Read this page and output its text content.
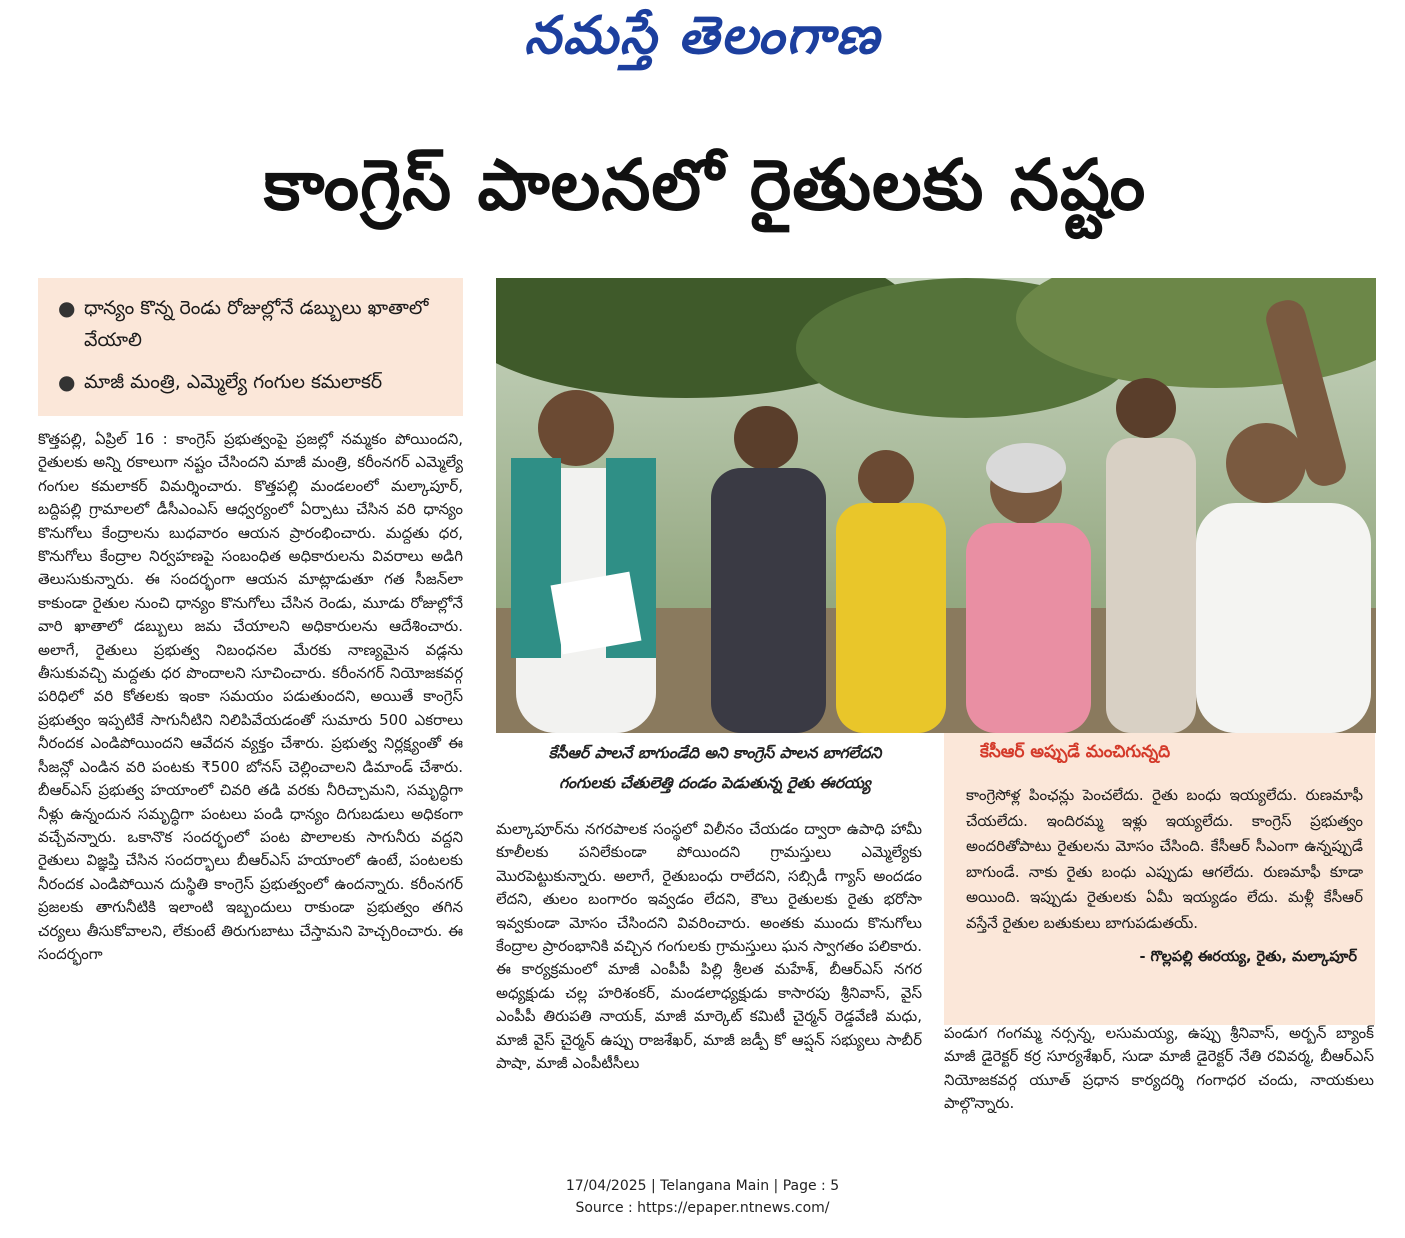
నమస్తే తెలంగాణ
కాంగ్రెస్ పాలనలో రైతులకు నష్టం
● ధాన్యం కొన్న రెండు రోజుల్లోనే డబ్బులు ఖాతాలో వేయాలి
● మాజీ మంత్రి, ఎమ్మెల్యే గంగుల కమలాకర్
కొత్తపల్లి, ఏప్రిల్ 16 : కాంగ్రెస్ ప్రభుత్వంపై ప్రజల్లో నమ్మకం పోయిందని, రైతులకు అన్ని రకాలుగా నష్టం చేసిందని మాజీ మంత్రి, కరీంనగర్ ఎమ్మెల్యే గంగుల కమలాకర్ విమర్శించారు. కొత్తపల్లి మండలంలో మల్కాపూర్, బద్దిపల్లి గ్రామాలలో డీసీఎంఎస్ ఆధ్వర్యంలో ఏర్పాటు చేసిన వరి ధాన్యం కొనుగోలు కేంద్రాలను బుధవారం ఆయన ప్రారంభించారు. మద్దతు ధర, కొనుగోలు కేంద్రాల నిర్వహణపై సంబంధిత అధికారులను వివరాలు అడిగి తెలుసుకున్నారు. ఈ సందర్భంగా ఆయన మాట్లాడుతూ గత సీజన్‌లా కాకుండా రైతుల నుంచి ధాన్యం కొనుగోలు చేసిన రెండు, మూడు రోజుల్లోనే వారి ఖాతాలో డబ్బులు జమ చేయాలని అధికారులను ఆదేశించారు. అలాగే, రైతులు ప్రభుత్వ నిబంధనల మేరకు నాణ్యమైన వడ్లను తీసుకువచ్చి మద్దతు ధర పొందాలని సూచించారు. కరీంనగర్ నియోజకవర్గ పరిధిలో వరి కోతలకు ఇంకా సమయం పడుతుందని, అయితే కాంగ్రెస్ ప్రభుత్వం ఇప్పటికే సాగునీటిని నిలిపివేయడంతో సుమారు 500 ఎకరాలు నీరందక ఎండిపోయిందని ఆవేదన వ్యక్తం చేశారు. ప్రభుత్వ నిర్లక్ష్యంతో ఈ సీజన్లో ఎండిన వరి పంటకు ₹500 బోనస్ చెల్లించాలని డిమాండ్ చేశారు. బీఆర్ఎస్ ప్రభుత్వ హయాంలో చివరి తడి వరకు నీరిచ్చామని, సమృద్ధిగా నీళ్లు ఉన్నందున సమృద్ధిగా పంటలు పండి ధాన్యం దిగుబడులు అధికంగా వచ్చేవన్నారు. ఒకానొక సందర్భంలో పంట పొలాలకు సాగునీరు వద్దని రైతులు విజ్ఞప్తి చేసిన సందర్భాలు బీఆర్ఎస్ హయాంలో ఉంటే, పంటలకు నీరందక ఎండిపోయిన దుస్థితి కాంగ్రెస్ ప్రభుత్వంలో ఉందన్నారు. కరీంనగర్ ప్రజలకు తాగునీటికి ఇలాంటి ఇబ్బందులు రాకుండా ప్రభుత్వం తగిన చర్యలు తీసుకోవాలని, లేకుంటే తిరుగుబాటు చేస్తామని హెచ్చరించారు. ఈ సందర్భంగా
కేసీఆర్ పాలనే బాగుండేది అని కాంగ్రెస్ పాలన బాగలేదని
గంగులకు చేతులెత్తి దండం పెడుతున్న రైతు ఈరయ్య
మల్కాపూర్‌ను నగరపాలక సంస్థలో విలీనం చేయడం ద్వారా ఉపాధి హామీ కూలీలకు పనిలేకుండా పోయిందని గ్రామస్తులు ఎమ్మెల్యేకు మొరపెట్టుకున్నారు. అలాగే, రైతుబంధు రాలేదని, సబ్సిడీ గ్యాస్ అందడం లేదని, తులం బంగారం ఇవ్వడం లేదని, కౌలు రైతులకు రైతు భరోసా ఇవ్వకుండా మోసం చేసిందని వివరించారు. అంతకు ముందు కొనుగోలు కేంద్రాల ప్రారంభానికి వచ్చిన గంగులకు గ్రామస్తులు ఘన స్వాగతం పలికారు. ఈ కార్యక్రమంలో మాజీ ఎంపీపీ పిల్లి శ్రీలత మహేశ్, బీఆర్ఎస్ నగర అధ్యక్షుడు చల్ల హరిశంకర్, మండలాధ్యక్షుడు కాసారపు శ్రీనివాస్, వైస్ ఎంపీపీ తిరుపతి నాయక్, మాజీ మార్కెట్ కమిటీ చైర్మన్ రెడ్డవేణి మధు, మాజీ వైస్ చైర్మన్ ఉప్పు రాజశేఖర్, మాజీ జడ్పీ కో ఆప్షన్ సభ్యులు సాబీర్ పాషా, మాజీ ఎంపీటీసీలు
కేసీఆర్ అప్పుడే మంచిగున్నది
కాంగ్రెసోళ్ల పింఛన్లు పెంచలేదు. రైతు బంధు ఇయ్యలేదు. రుణమాఫీ చేయలేదు. ఇందిరమ్మ ఇళ్లు ఇయ్యలేదు. కాంగ్రెస్ ప్రభుత్వం అందరితోపాటు రైతులను మోసం చేసింది. కేసీఆర్ సీఎంగా ఉన్నప్పుడే బాగుండే. నాకు రైతు బంధు ఎప్పుడు ఆగలేదు. రుణమాఫీ కూడా అయింది. ఇప్పుడు రైతులకు ఏమీ ఇయ్యడం లేదు. మళ్లీ కేసీఆర్ వస్తేనే రైతుల బతుకులు బాగుపడుతయ్.
- గొల్లపల్లి ఈరయ్య, రైతు, మల్కాపూర్
పండుగ గంగమ్మ నర్సన్న, లసుమయ్య, ఉప్పు శ్రీనివాస్, అర్బన్ బ్యాంక్ మాజీ డైరెక్టర్ కర్ర సూర్యశేఖర్, సుడా మాజీ డైరెక్టర్ నేతి రవివర్మ, బీఆర్ఎస్ నియోజకవర్గ యూత్ ప్రధాన కార్యదర్శి గంగాధర చందు, నాయకులు పాల్గొన్నారు.
17/04/2025 | Telangana Main | Page : 5
Source : https://epaper.ntnews.com/
